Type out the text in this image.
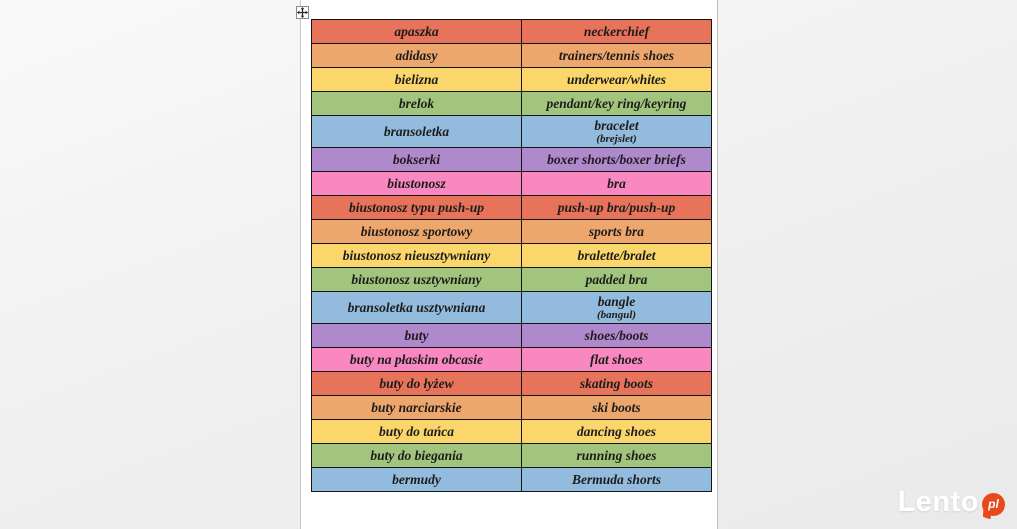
apaszka	neckerchief
adidasy	trainers/tennis shoes
bielizna	underwear/whites
brelok	pendant/key ring/keyring
bransoletka	bracelet
(brejslet)

bokserki	boxer shorts/boxer briefs
biustonosz	bra
biustonosz typu push-up	push-up bra/push-up
biustonosz sportowy	sports bra
biustonosz nieusztywniany	bralette/bralet
biustonosz usztywniany	padded bra
bransoletka usztywniana	bangle
(bangul)

buty	shoes/boots
buty na płaskim obcasie	flat shoes
buty do łyżew	skating boots
buty narciarskie	ski boots
buty do tańca	dancing shoes
buty do biegania	running shoes
bermudy	Bermuda shorts
Lento pl
